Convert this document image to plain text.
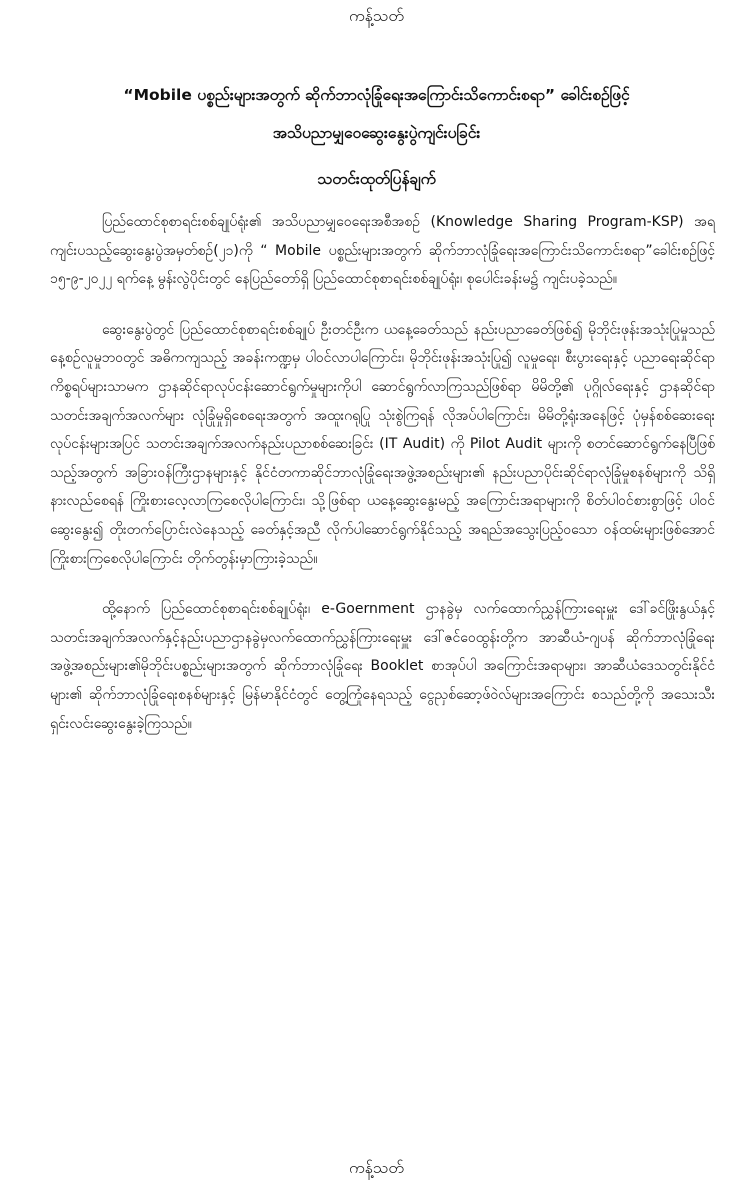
ကန့်သတ်
“Mobile ပစ္စည်းများအတွက် ဆိုက်ဘာလုံခြုံရေးအကြောင်းသိကောင်းစရာ” ခေါင်းစဉ်ဖြင့်
အသိပညာမျှဝေဆွေးနွေးပွဲကျင်းပခြင်း
သတင်းထုတ်ပြန်ချက်

ပြည်ထောင်စုစာရင်းစစ်ချုပ်ရုံး၏ အသိပညာမျှဝေရေးအစီအစဉ် (Knowledge Sharing Program-KSP) အရ ကျင်းပသည့်ဆွေးနွေးပွဲအမှတ်စဉ်(၂၁)ကို “ Mobile ပစ္စည်းများအတွက် ဆိုက်ဘာလုံခြုံရေးအကြောင်းသိကောင်းစရာ”ခေါင်းစဉ်ဖြင့် ၁၅-၉-၂၀၂၂ ရက်နေ့ မွန်းလွဲပိုင်းတွင် နေပြည်တော်ရှိ ပြည်ထောင်စုစာရင်းစစ်ချုပ်ရုံး၊ စုပေါင်းခန်းမ၌ ကျင်းပခဲ့သည်။

ဆွေးနွေးပွဲတွင် ပြည်ထောင်စုစာရင်းစစ်ချုပ် ဦးတင်ဦးက ယနေ့ခေတ်သည် နည်းပညာခေတ်ဖြစ်၍ မိုဘိုင်းဖုန်းအသုံးပြုမှုသည် နေ့စဉ်လူမှုဘဝတွင် အဓိကကျသည့် အခန်းကဏ္ဍမှ ပါဝင်လာပါကြောင်း၊ မိုဘိုင်းဖုန်းအသုံးပြု၍ လူမှုရေး၊ စီးပွားရေးနှင့် ပညာရေးဆိုင်ရာကိစ္စရပ်များသာမက ဌာနဆိုင်ရာလုပ်ငန်းဆောင်ရွက်မှုများကိုပါ ဆောင်ရွက်လာကြသည်ဖြစ်ရာ မိမိတို့၏ ပုဂ္ဂိုလ်ရေးနှင့် ဌာနဆိုင်ရာသတင်းအချက်အလက်များ လုံခြုံမှုရှိစေရေးအတွက် အထူးဂရုပြု သုံးစွဲကြရန် လိုအပ်ပါကြောင်း၊ မိမိတို့ရုံးအနေဖြင့် ပုံမှန်စစ်ဆေးရေးလုပ်ငန်းများအပြင် သတင်းအချက်အလက်နည်းပညာစစ်ဆေးခြင်း (IT Audit) ကို Pilot Audit များကို စတင်ဆောင်ရွက်နေပြီဖြစ်သည့်အတွက် အခြားဝန်ကြီးဌာနများနှင့် နိုင်ငံတကာဆိုင်ဘာလုံခြုံရေးအဖွဲ့အစည်းများ၏ နည်းပညာပိုင်းဆိုင်ရာလုံခြုံမှုစနစ်များကို သိရှိနားလည်စေရန် ကြိုးစားလေ့လာကြစေလိုပါကြောင်း၊ သို့ဖြစ်ရာ ယနေ့ဆွေးနွေးမည့် အကြောင်းအရာများကို စိတ်ပါဝင်စားစွာဖြင့် ပါဝင်ဆွေးနွေး၍ တိုးတက်ပြောင်းလဲနေသည့် ခေတ်နှင့်အညီ လိုက်ပါဆောင်ရွက်နိုင်သည့် အရည်အသွေးပြည့်ဝသော ဝန်ထမ်းများဖြစ်အောင် ကြိုးစားကြစေလိုပါကြောင်း တိုက်တွန်းမှာကြားခဲ့သည်။

ထို့နောက် ပြည်ထောင်စုစာရင်းစစ်ချုပ်ရုံး၊ e-Goernment ဌာနခွဲမှ လက်ထောက်ညွှန်ကြားရေးမှူး ဒေါ်ခင်ဖြိုးနွယ်နှင့်သတင်းအချက်အလက်နှင့်နည်းပညာဌာနခွဲမှလက်ထောက်ညွှန်ကြားရေးမှူး ဒေါ်ဇင်ဝေထွန်းတို့က အာဆီယံ-ဂျပန် ဆိုက်ဘာလုံခြုံရေး အဖွဲ့အစည်းများ၏မိုဘိုင်းပစ္စည်းများအတွက် ဆိုက်ဘာလုံခြုံရေး Booklet စာအုပ်ပါ အကြောင်းအရာများ၊ အာဆီယံဒေသတွင်းနိုင်ငံများ၏ ဆိုက်ဘာလုံခြုံရေးစနစ်များနှင့် မြန်မာနိုင်ငံတွင် တွေ့ကြုံနေရသည့် ငွေညှစ်ဆော့ဖ်ဝဲလ်များအကြောင်း စသည်တို့ကို အသေးသီးရှင်းလင်းဆွေးနွေးခဲ့ကြသည်။

ကန့်သတ်
